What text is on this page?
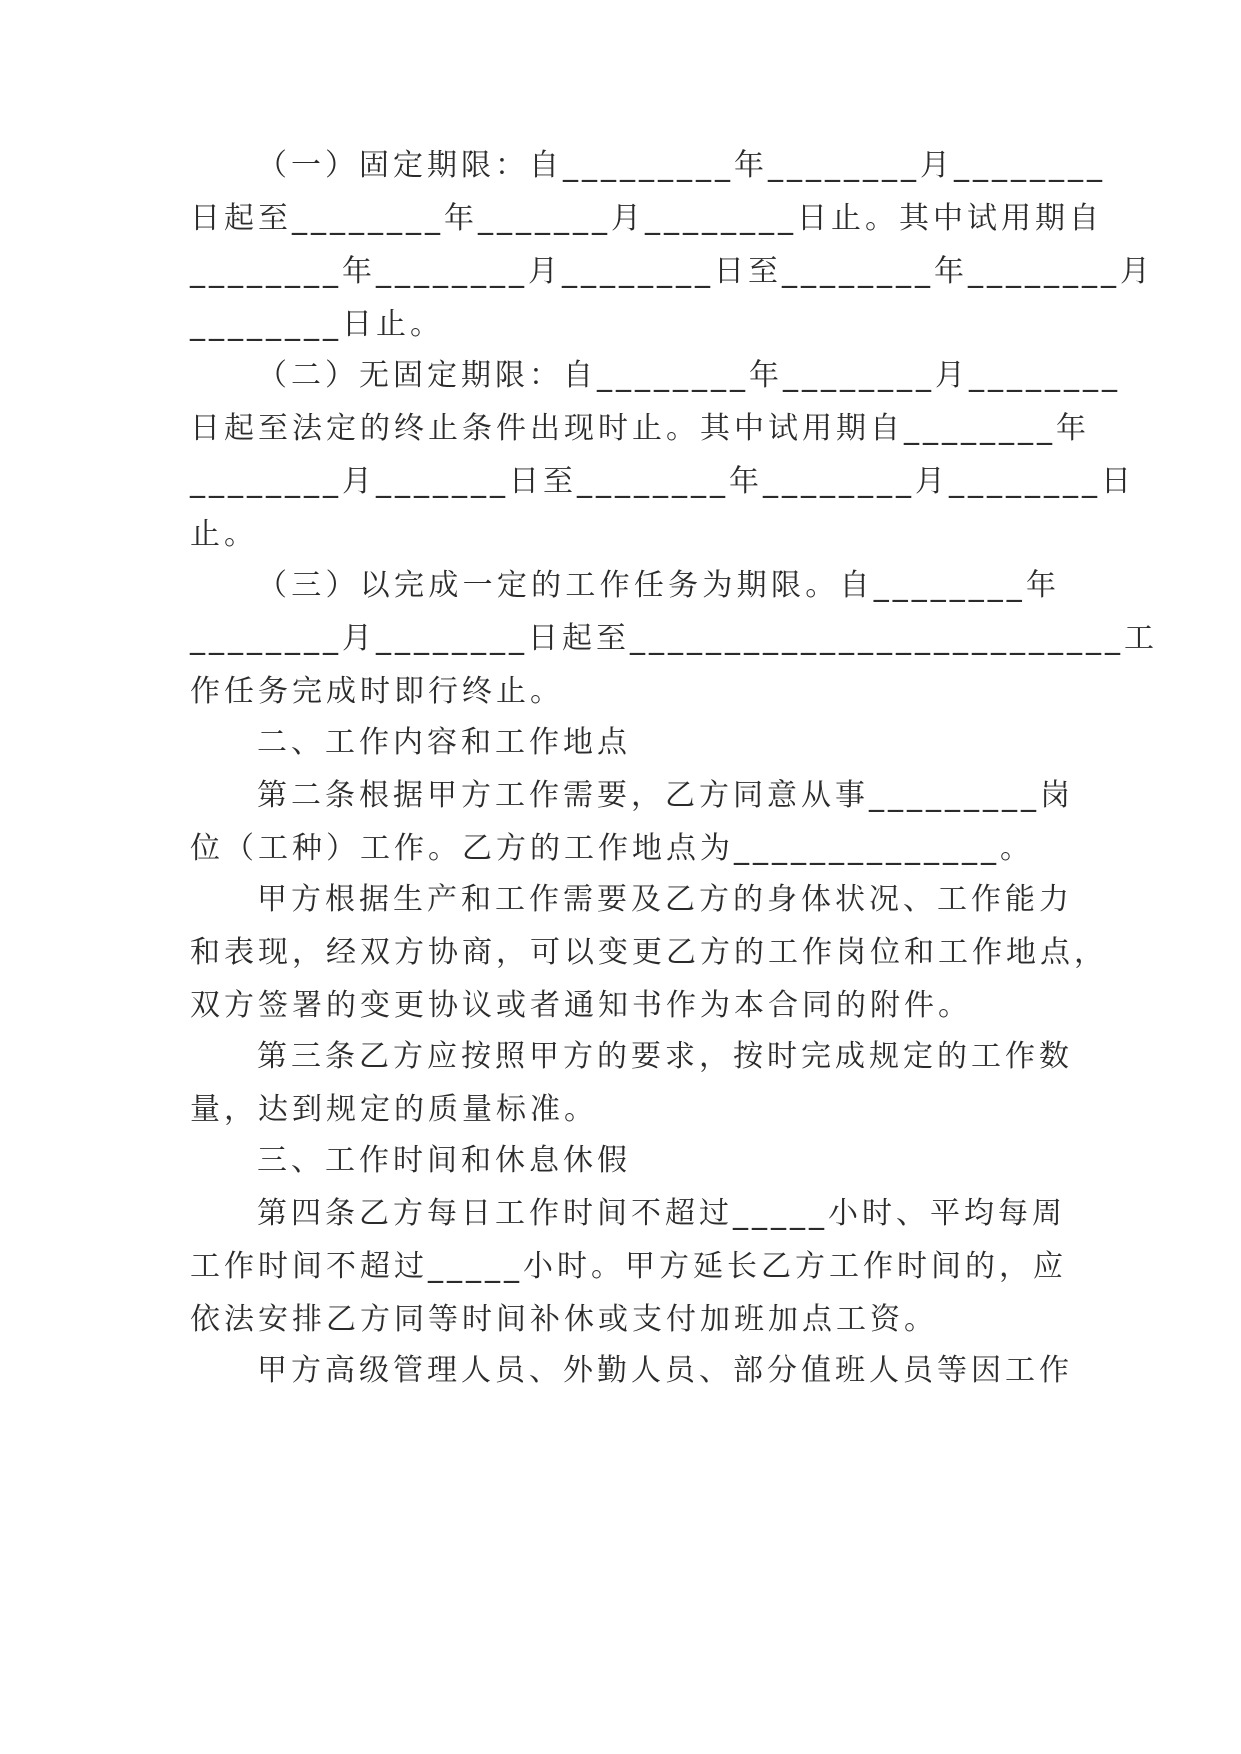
（一）固定期限：自_________年________月________
日起至________年_______月________日止。其中试用期自
________年________月________日至________年________月
________日止。
（二）无固定期限：自________年________月________
日起至法定的终止条件出现时止。其中试用期自________年
________月_______日至________年________月________日
止。
（三）以完成一定的工作任务为期限。自________年
________月________日起至__________________________工
作任务完成时即行终止。
二、工作内容和工作地点
第二条根据甲方工作需要，乙方同意从事_________岗
位（工种）工作。乙方的工作地点为______________。
甲方根据生产和工作需要及乙方的身体状况、工作能力
和表现，经双方协商，可以变更乙方的工作岗位和工作地点，
双方签署的变更协议或者通知书作为本合同的附件。
第三条乙方应按照甲方的要求，按时完成规定的工作数
量，达到规定的质量标准。
三、工作时间和休息休假
第四条乙方每日工作时间不超过_____小时、平均每周
工作时间不超过_____小时。甲方延长乙方工作时间的，应
依法安排乙方同等时间补休或支付加班加点工资。
甲方高级管理人员、外勤人员、部分值班人员等因工作
